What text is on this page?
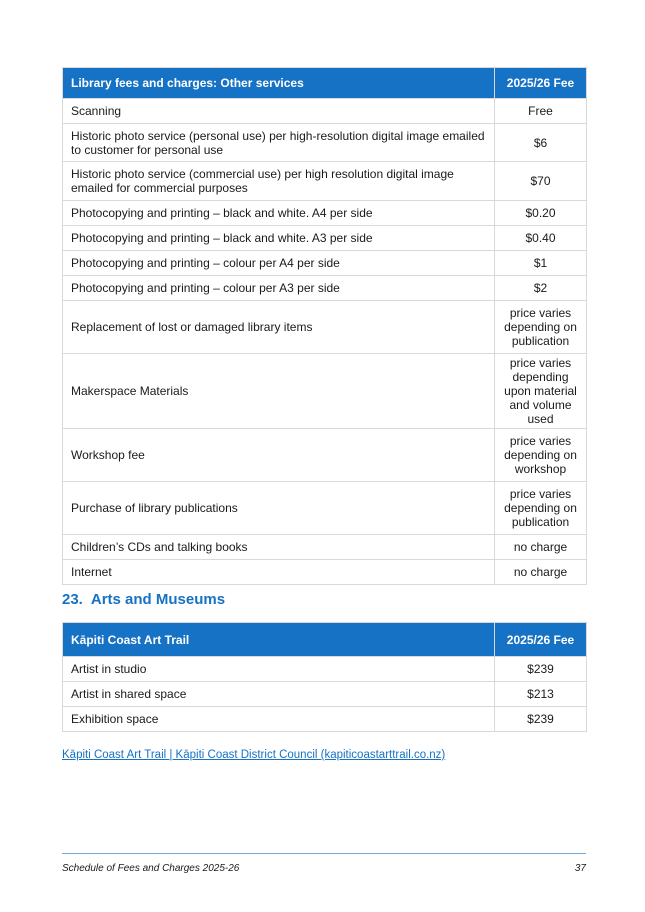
Library fees and charges: Other services	2025/26 Fee
Scanning	Free
Historic photo service (personal use) per high-resolution digital image emailed to customer for personal use	$6
Historic photo service (commercial use) per high resolution digital image emailed for commercial purposes	$70
Photocopying and printing – black and white. A4 per side	$0.20
Photocopying and printing – black and white. A3 per side	$0.40
Photocopying and printing – colour per A4 per side	$1
Photocopying and printing – colour per A3 per side	$2
Replacement of lost or damaged library items	price varies depending on publication
Makerspace Materials	price varies depending upon material and volume used
Workshop fee	price varies depending on workshop
Purchase of library publications	price varies depending on publication
Children’s CDs and talking books	no charge
Internet	no charge
23. Arts and Museums
Kāpiti Coast Art Trail	2025/26 Fee
Artist in studio	$239
Artist in shared space	$213
Exhibition space	$239
Kāpiti Coast Art Trail | Kāpiti Coast District Council (kapiticoastarttrail.co.nz)
Schedule of Fees and Charges 2025-26	37
